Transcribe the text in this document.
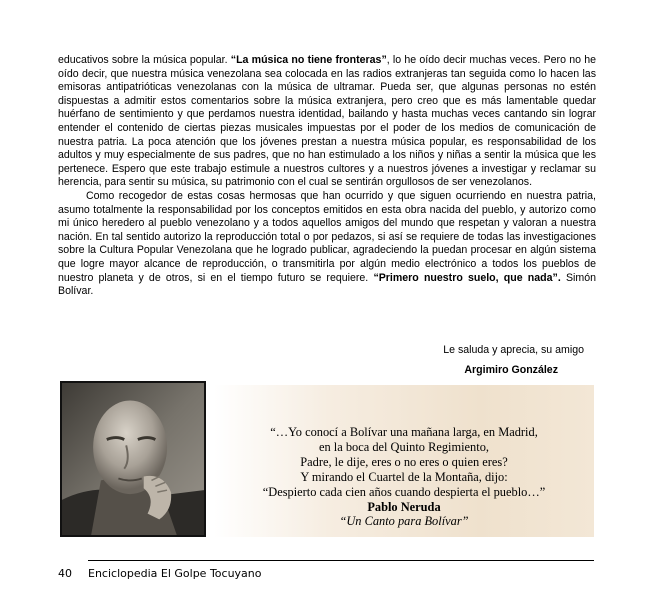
educativos sobre la música popular. “La música no tiene fronteras”, lo he oído decir muchas veces. Pero no he oído decir, que nuestra música venezolana sea colocada en las radios extranjeras tan seguida como lo hacen las emisoras antipatrióticas venezolanas con la música de ultramar. Pueda ser, que algunas personas no estén dispuestas a admitir estos comentarios sobre la música extranjera, pero creo que es más lamentable quedar huérfano de sentimiento y que perdamos nuestra identidad, bailando y hasta muchas veces cantando sin lograr entender el contenido de ciertas piezas musicales impuestas por el poder de los medios de comunicación de nuestra patria. La poca atención que los jóvenes prestan a nuestra música popular, es responsabilidad de los adultos y muy especialmente de sus padres, que no han estimulado a los niños y niñas a sentir la música que les pertenece. Espero que este trabajo estimule a nuestros cultores y a nuestros jóvenes a investigar y reclamar su herencia, para sentir su música, su patrimonio con el cual se sentirán orgullosos de ser venezolanos.

Como recogedor de estas cosas hermosas que han ocurrido y que siguen ocurriendo en nuestra patria, asumo totalmente la responsabilidad por los conceptos emitidos en esta obra nacida del pueblo, y autorizo como mi único heredero al pueblo venezolano y a todos aquellos amigos del mundo que respetan y valoran a nuestra nación. En tal sentido autorizo la reproducción total o por pedazos, si así se requiere de todas las investigaciones sobre la Cultura Popular Venezolana que he logrado publicar, agradeciendo la puedan procesar en algún sistema que logre mayor alcance de reproducción, o transmitirla por algún medio electrónico a todos los pueblos de nuestro planeta y de otros, si en el tiempo futuro se requiere. “Primero nuestro suelo, que nada”. Simón Bolívar.

Le saluda y aprecia, su amigo
Argimiro González
“…Yo conocí a Bolívar una mañana larga, en Madrid,
en la boca del Quinto Regimiento,
Padre, le dije, eres o no eres o quien eres?
Y mirando el Cuartel de la Montaña, dijo:
“Despierto cada cien años cuando despierta el pueblo…”
Pablo Neruda
“Un Canto para Bolívar”
40 Enciclopedia El Golpe Tocuyano
